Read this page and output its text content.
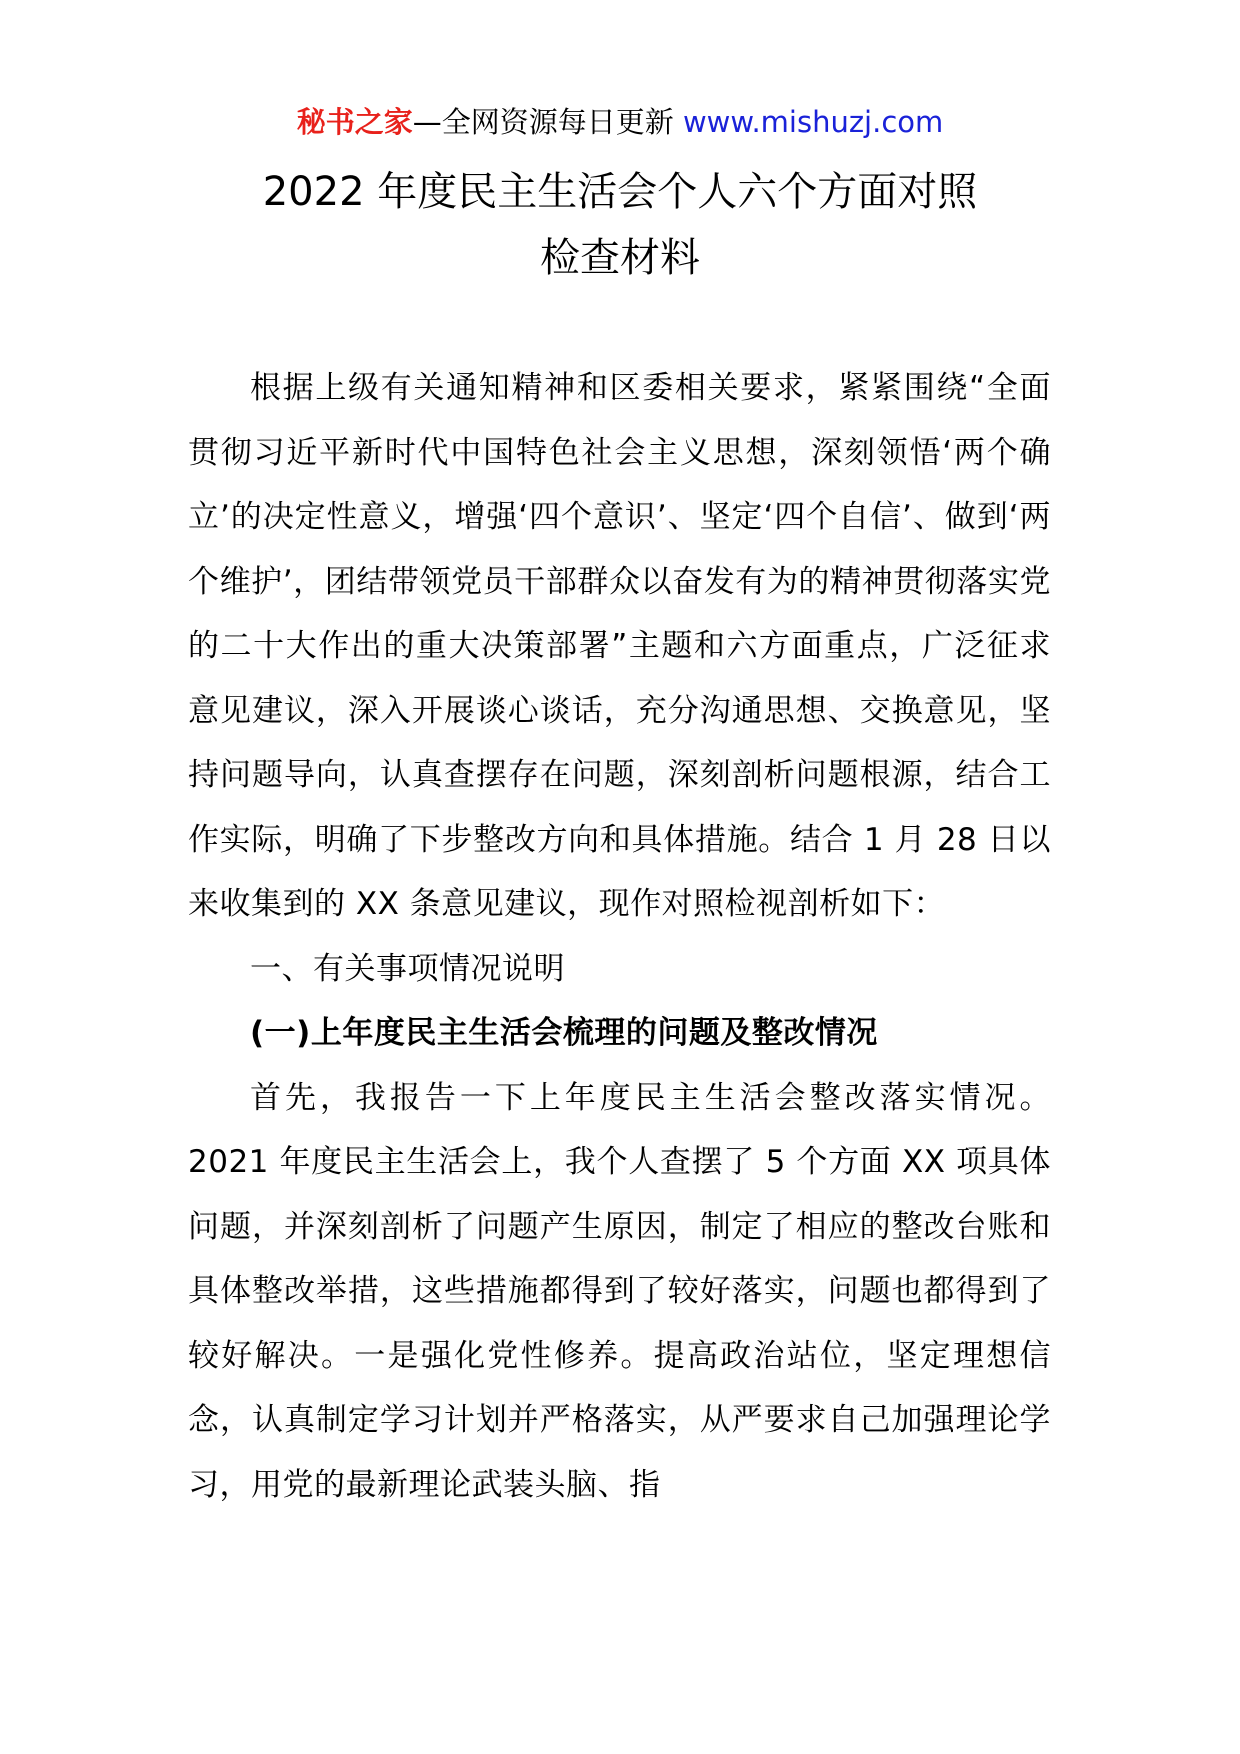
秘书之家—全网资源每日更新 www.mishuzj.com
2022 年度民主生活会个人六个方面对照
检查材料

根据上级有关通知精神和区委相关要求，紧紧围绕“全面贯彻习近平新时代中国特色社会主义思想，深刻领悟‘两个确立’的决定性意义，增强‘四个意识’、坚定‘四个自信’、做到‘两个维护’，团结带领党员干部群众以奋发有为的精神贯彻落实党的二十大作出的重大决策部署”主题和六方面重点，广泛征求意见建议，深入开展谈心谈话，充分沟通思想、交换意见，坚持问题导向，认真查摆存在问题，深刻剖析问题根源，结合工作实际，明确了下步整改方向和具体措施。结合 1 月 28 日以来收集到的 XX 条意见建议，现作对照检视剖析如下：

一、有关事项情况说明

(一)上年度民主生活会梳理的问题及整改情况

首先，我报告一下上年度民主生活会整改落实情况。2021 年度民主生活会上，我个人查摆了 5 个方面 XX 项具体问题，并深刻剖析了问题产生原因，制定了相应的整改台账和具体整改举措，这些措施都得到了较好落实，问题也都得到了较好解决。一是强化党性修养。提高政治站位，坚定理想信念，认真制定学习计划并严格落实，从严要求自己加强理论学习，用党的最新理论武装头脑、指
